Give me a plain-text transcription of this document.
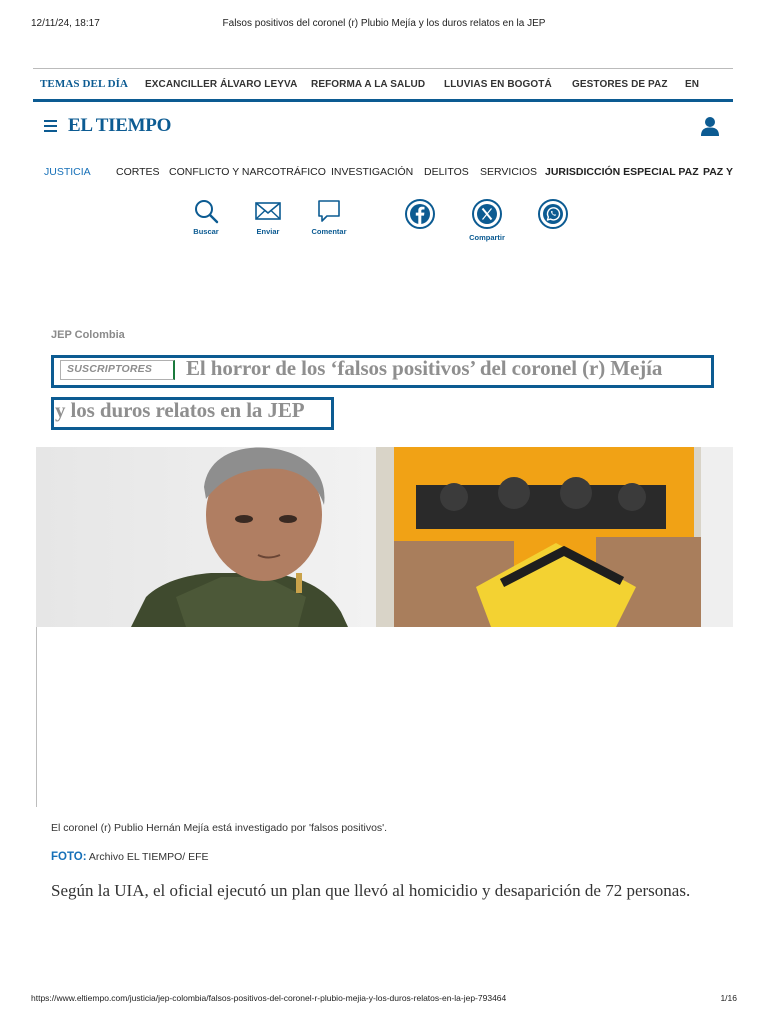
12/11/24, 18:17	Falsos positivos del coronel (r) Plubio Mejía y los duros relatos en la JEP
TEMAS DEL DÍA EXCANCILLER ÁLVARO LEYVA REFORMA A LA SALUD LLUVIAS EN BOGOTÁ GESTORES DE PAZ EN
EL TIEMPO
JUSTICIA CORTES CONFLICTO Y NARCOTRÁFICO INVESTIGACIÓN DELITOS SERVICIOS JURISDICCIÓN ESPECIAL PAZ PAZ Y
Buscar	Enviar	Comentar
Compartir
JEP Colombia
SUSCRIPTORES	El horror de los ‘falsos positivos’ del coronel (r) Mejía
y los duros relatos en la JEP
El coronel (r) Publio Hernán Mejía está investigado por 'falsos positivos'.
FOTO: Archivo EL TIEMPO/ EFE
Según la UIA, el oficial ejecutó un plan que llevó al homicidio y desaparición de 72 personas.
https://www.eltiempo.com/justicia/jep-colombia/falsos-positivos-del-coronel-r-plubio-mejia-y-los-duros-relatos-en-la-jep-793464	1/16
